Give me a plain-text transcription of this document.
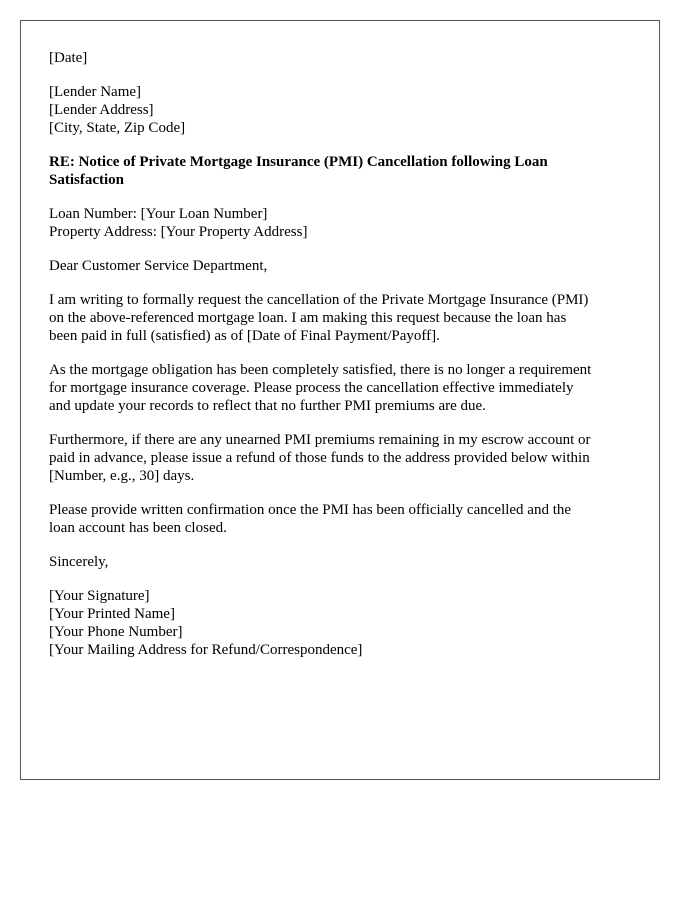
[Date]
[Lender Name]
[Lender Address]
[City, State, Zip Code]
RE: Notice of Private Mortgage Insurance (PMI) Cancellation following Loan
Satisfaction
Loan Number: [Your Loan Number]
Property Address: [Your Property Address]
Dear Customer Service Department,
I am writing to formally request the cancellation of the Private Mortgage Insurance (PMI)
on the above-referenced mortgage loan. I am making this request because the loan has
been paid in full (satisfied) as of [Date of Final Payment/Payoff].
As the mortgage obligation has been completely satisfied, there is no longer a requirement
for mortgage insurance coverage. Please process the cancellation effective immediately
and update your records to reflect that no further PMI premiums are due.
Furthermore, if there are any unearned PMI premiums remaining in my escrow account or
paid in advance, please issue a refund of those funds to the address provided below within
[Number, e.g., 30] days.
Please provide written confirmation once the PMI has been officially cancelled and the
loan account has been closed.
Sincerely,
[Your Signature]
[Your Printed Name]
[Your Phone Number]
[Your Mailing Address for Refund/Correspondence]
